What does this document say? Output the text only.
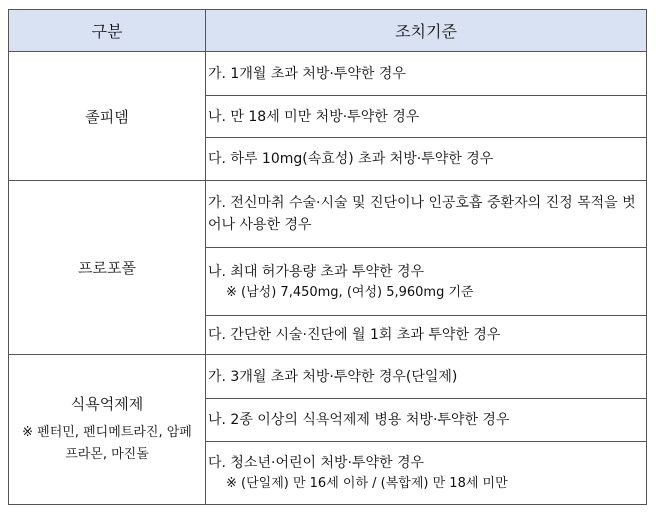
구분	조치기준

졸피뎀	가. 1개월 초과 처방·투약한 경우
	나. 만 18세 미만 처방·투약한 경우
	다. 하루 10mg(속효성) 초과 처방·투약한 경우

프로포폴	가. 전신마취 수술·시술 및 진단이나 인공호흡 중환자의 진정 목적을 벗어나 사용한 경우
	나. 최대 허가용량 초과 투약한 경우
※ (남성) 7,450mg, (여성) 5,960mg 기준

	다. 간단한 시술·진단에 월 1회 초과 투약한 경우

식욕억제제
※ 펜터민, 펜디메트라진, 암페프라몬, 마진돌	가. 3개월 초과 처방·투약한 경우(단일제)
	나. 2종 이상의 식욕억제제 병용 처방·투약한 경우
	다. 청소년·어린이 처방·투약한 경우
※ (단일제) 만 16세 이하 / (복합제) 만 18세 미만
